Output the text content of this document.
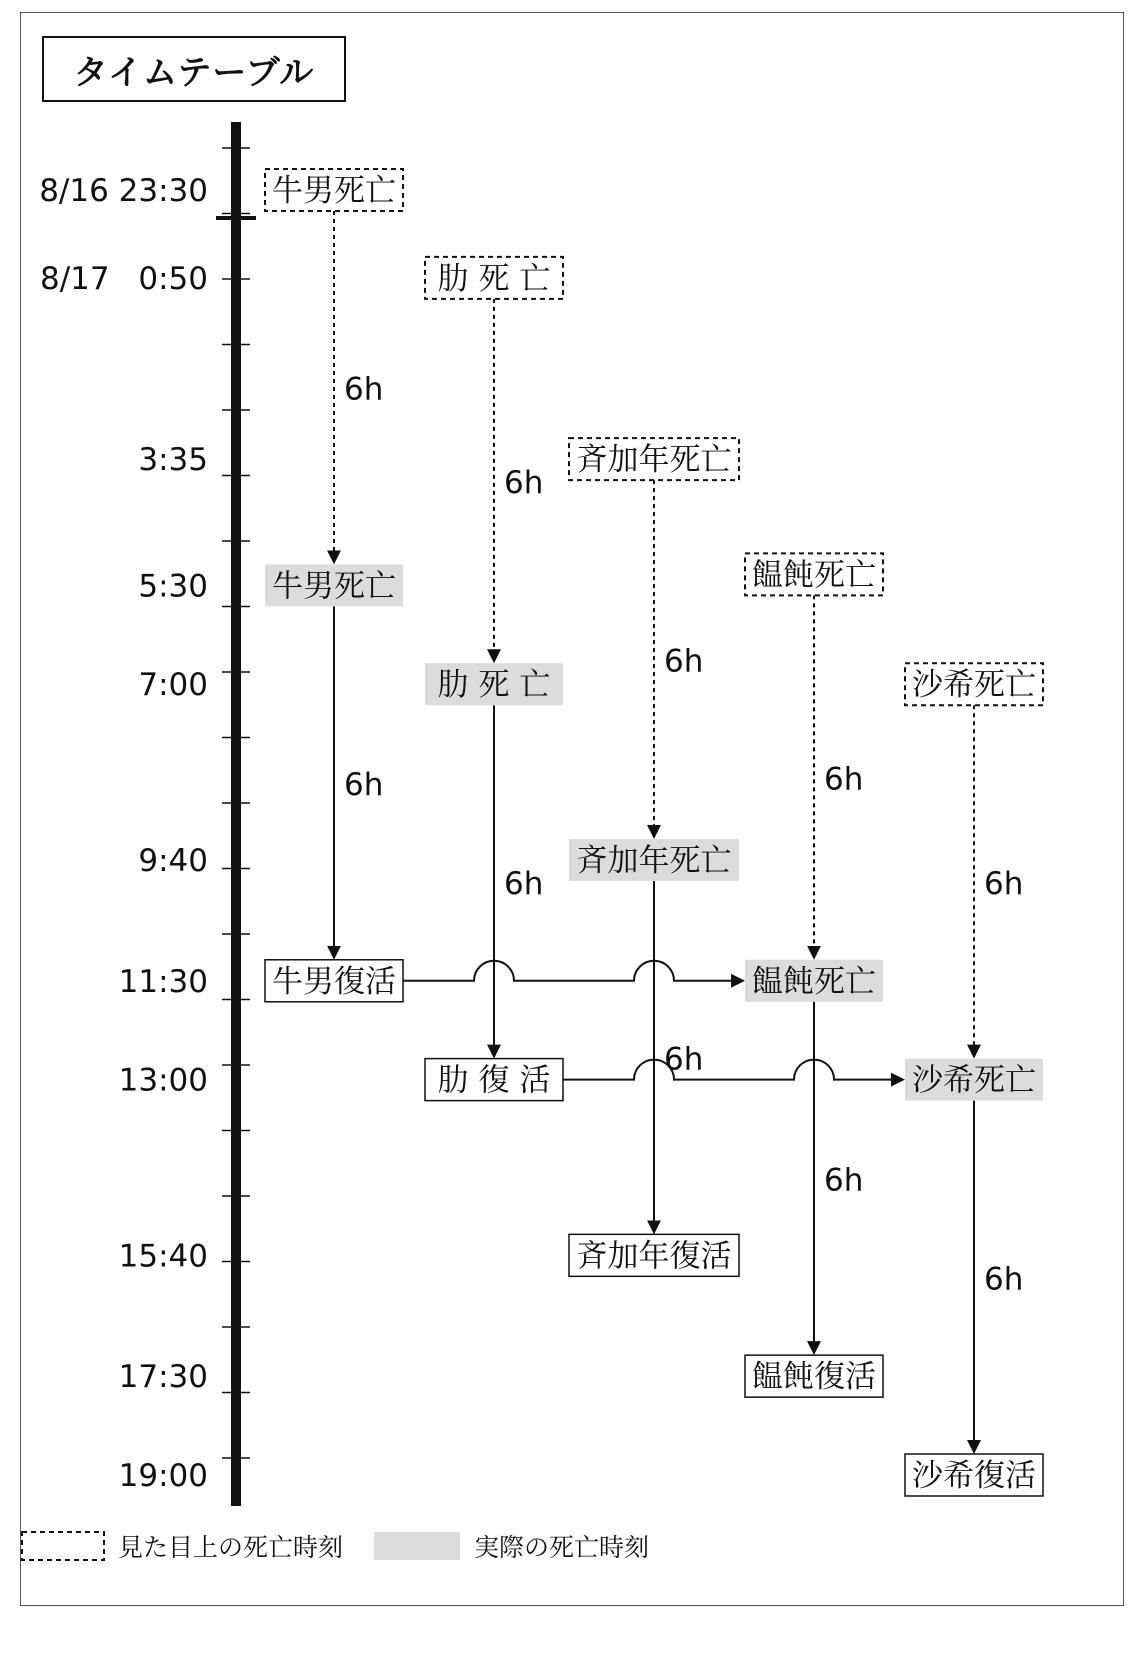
タイムテーブル
8/16 23:30
8/17 0:50
3:35
5:30
7:00
9:40
11:30
13:00
15:40
17:30
19:00
6h
6h
牛男死亡
牛男死亡
牛男復活
6h
6h
肋 死 亡
肋 死 亡
肋 復 活
6h
6h
斉加年死亡
斉加年死亡
斉加年復活
6h
6h
饂飩死亡
饂飩死亡
饂飩復活
6h
6h
沙希死亡
沙希死亡
沙希復活
見た目上の死亡時刻	実際の死亡時刻
